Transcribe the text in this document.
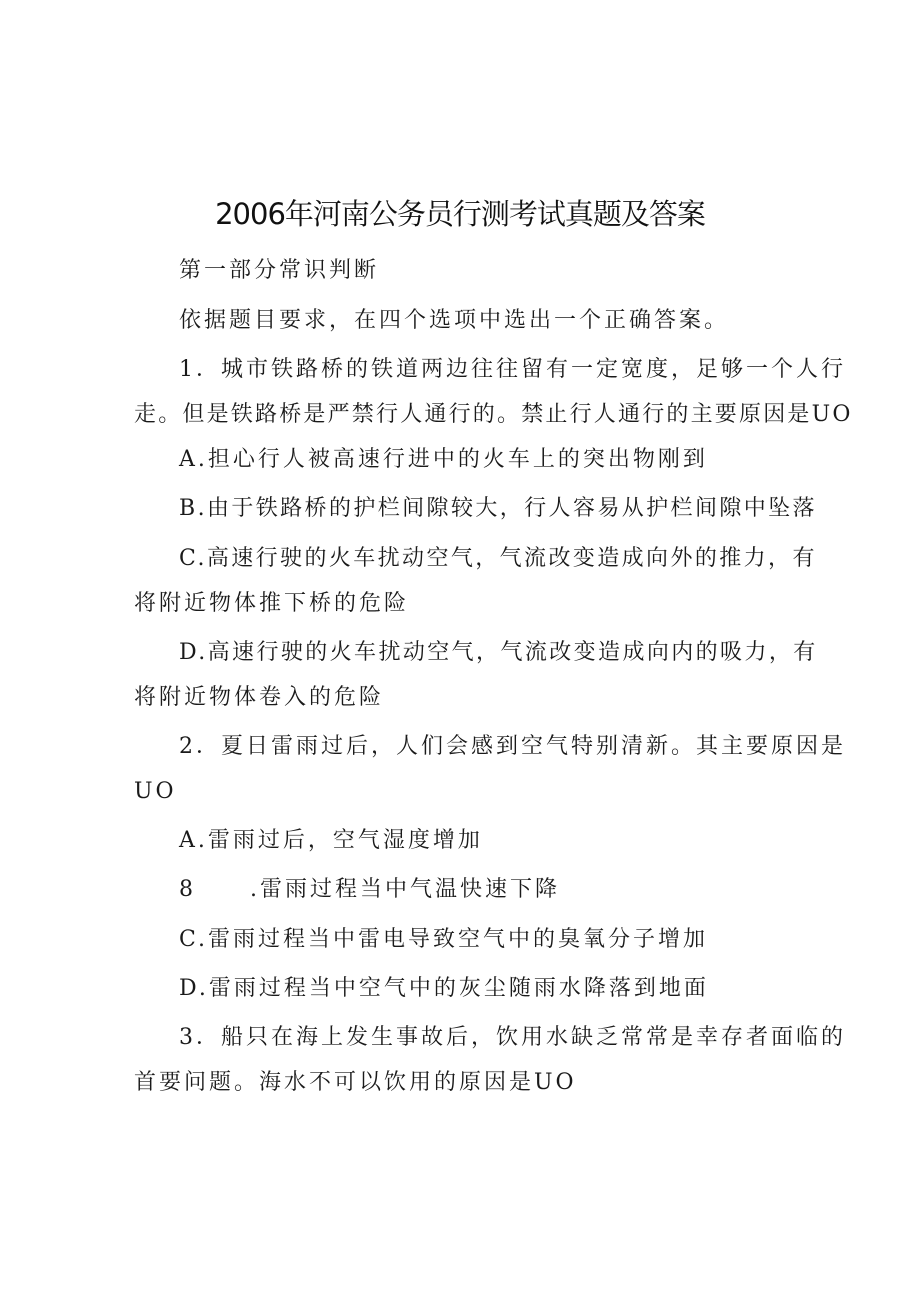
2006年河南公务员行测考试真题及答案
第一部分常识判断
依据题目要求，在四个选项中选出一个正确答案。
1．城市铁路桥的铁道两边往往留有一定宽度，足够一个人行
走。但是铁路桥是严禁行人通行的。禁止行人通行的主要原因是UO
A.担心行人被高速行进中的火车上的突出物刚到
B.由于铁路桥的护栏间隙较大，行人容易从护栏间隙中坠落
C.高速行驶的火车扰动空气，气流改变造成向外的推力，有
将附近物体推下桥的危险
D.高速行驶的火车扰动空气，气流改变造成向内的吸力，有
将附近物体卷入的危险
2．夏日雷雨过后，人们会感到空气特别清新。其主要原因是
UO
A.雷雨过后，空气湿度增加
8 .雷雨过程当中气温快速下降
C.雷雨过程当中雷电导致空气中的臭氧分子增加
D.雷雨过程当中空气中的灰尘随雨水降落到地面
3．船只在海上发生事故后，饮用水缺乏常常是幸存者面临的
首要问题。海水不可以饮用的原因是UO
